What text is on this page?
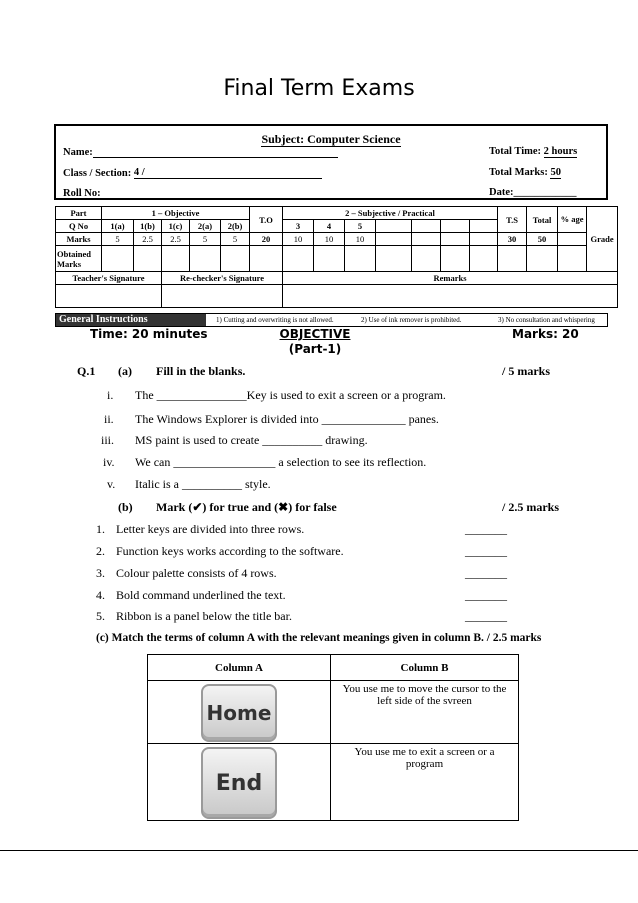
Final Term Exams
Subject: Computer Science
Name:
Class / Section: 4 /
Roll No:
Total Time: 2 hours
Total Marks: 50
Date:____________
Part	1 – Objective					T.O	2 – Subjective / Practical							T.S	Total	% age	Grade
Q No	1(a)	1(b)	1(c)	2(a)	2(b)		3	4	5								
Marks	5	2.5	2.5	5	5	20	10	10	10					30	50		
Obtained Marks																	
Teacher's Signature			Re-checker's Signature				Remarks										

General Instructions	1) Cutting and overwriting is not allowed.	2) Use of ink remover is prohibited.	3) No consultation and whispering
Time: 20 minutes	OBJECTIVE
(Part-1)
Marks: 20
Q.1 (a) Fill in the blanks.	/ 5 marks
i. The _______________Key is used to exit a screen or a program.
ii. The Windows Explorer is divided into ______________ panes.
iii. MS paint is used to create __________ drawing.
iv. We can _________________ a selection to see its reflection.
v. Italic is a __________ style.
(b) Mark (✔) for true and (✖) for false	/ 2.5 marks
1. Letter keys are divided into three rows.	_______
2. Function keys works according to the software.	_______
3. Colour palette consists of 4 rows.	_______
4. Bold command underlined the text.	_______
5. Ribbon is a panel below the title bar.	_______
(c) Match the terms of column A with the relevant meanings given in column B. / 2.5 marks
Column A	Column B

Home	You use me to move the cursor to the left side of the svreen

End	You use me to exit a screen or a program
